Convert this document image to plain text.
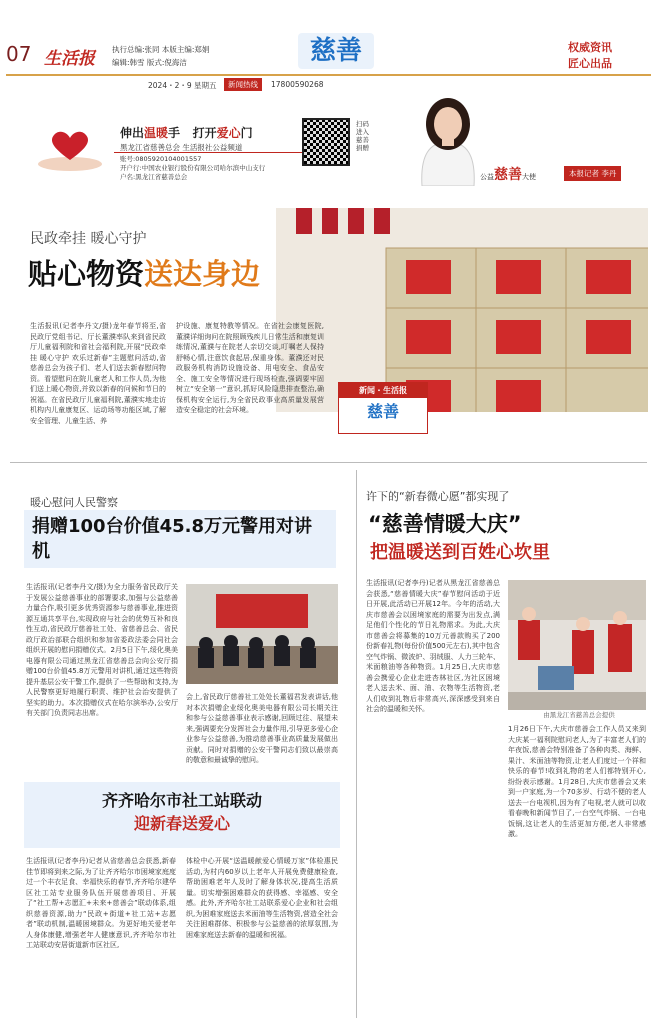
07 生活报 执行总编:张同 本版主编:郑娟
编辑:韩雪 版式:倪海洁	慈善	权威资讯
匠心出品
2024・2・9 星期五	新闻热线	17800590268
伸出温暖手 打开爱心门
黑龙江省慈善总会 生活报社公益频道
账号:0805920104001557
开户行:中国农业银行股份有限公司哈尔滨中山支行
户名:黑龙江省慈善总会
扫码进入慈善捐赠
公益慈善大使	本报记者 李丹
民政牵挂 暖心守护
贴心物资送达身边
生活报讯(记者李丹文/摄)龙年春节将至,省民政厅党组书记、厅长董濮率队来到省民政厅儿童福利院和省社会福利院,开展“民政牵挂 暖心守护 欢乐过新春”主题慰问活动,省慈善总会为孩子们、老人们送去新春慰问物资。看望慰问在院儿童老人和工作人员,为他们送上暖心物资,并致以新春的问候和节日的祝福。在省民政厅儿童福利院,董濮实地走访机构内儿童康复区、运动场等功能区域,了解安全管理、儿童生活、养
护设施、康复特教等情况。在省社会康复医院,董濮详细询问在院照顾残疾儿日常生活和康复训练情况,董濮与在院老人亲切交谈,叮嘱老人保持舒畅心情,注意饮食起居,保重身体。董濮还对民政服务机构消防设施设备、用电安全、食品安全、施工安全等情况进行现场检查,强调要牢固树立“安全第一”意识,抓好风险隐患排查整治,确保机构安全运行,为全省民政事业高质量发展营造安全稳定的社会环境。
新闻・生活报
慈善
暖心慰问人民警察
捐赠100台价值45.8万元警用对讲机
生活报讯(记者李丹文/摄)为全力服务省民政厅关于发展公益慈善事业的部署要求,加强与公益慈善力量合作,吸引更多优秀资源参与慈善事业,推进资源互通共享平台,实现政府与社会的优势互补和良性互动,省民政厅慈善社工处、省慈善总会、省民政厅政治部联合组织和参加省委政法委会同社会组织开展的慰问捐赠仪式。2月5日下午,绥化奥美电器有限公司通过黑龙江省慈善总会向公安厅捐赠100台价值45.8万元警用对讲机,通过这些物资提升基层公安干警工作,提供了一些帮助和支持,为人民警察更好地履行职责、维护社会治安提供了坚实的助力。本次捐赠仪式在哈尔滨举办,公安厅有关部门负责同志出席。
会上,省民政厅慈善社工处处长董福君发表讲话,他对本次捐赠企业绥化奥美电器有限公司长期关注和参与公益慈善事业表示感谢,回顾过往、展望未来,强调要充分发挥社会力量作用,引导更多爱心企业参与公益慈善,为推动慈善事业高质量发展做出贡献。同时对捐赠的公安干警同志们致以最崇高的敬意和最诚挚的慰问。
齐齐哈尔市社工站联动
迎新春送爱心
生活报讯(记者李丹)记者从省慈善总会获悉,新春佳节即将到来之际,为了让齐齐哈尔市困境家庭度过一个丰衣足食、幸福快乐的春节,齐齐哈尔建华区社工站专业服务队伍开展慈善项目、开展了“社工帮+志愿汇+未来+慈善会”联动体系,组织慈善资源,助力“民政+街道+社工站+志愿者”联动机制,温暖困境群众。为更好地关爱老年人身体康健,增强老年人健康意识,齐齐哈尔市社工站联动安居街道新市区社区,
体检中心开展“送温暖献爱心情暖万家”体检惠民活动,为村内60岁以上老年人开展免费健康检查,帮助困难老年人及时了解身体状况,提高生活质量。切实增强困难群众的获得感、幸福感、安全感。此外,齐齐哈尔社工站联系爱心企业和社会组织,为困难家庭送去米面油等生活物资,营造全社会关注困难群体、积极参与公益慈善的浓厚氛围,为困难家庭送去新春的温暖和祝福。
许下的“新春微心愿”都实现了
“慈善情暖大庆”
把温暖送到百姓心坎里
生活报讯(记者李丹)记者从黑龙江省慈善总会获悉,“慈善情暖大庆”春节慰问活动于近日开展,此活动已开展12年。今年的活动,大庆市慈善会以困境家庭的需要为出发点,满足他们个性化的节日礼物需求。为此,大庆市慈善会将募集的10万元善款购买了200份新春礼物(每份价值500元左右),其中包含空气炸锅、微波炉、羽绒服、人力三轮车、米面粮油等各种物资。1月25日,大庆市慈善会携爱心企业走进杏林社区,为社区困境老人送去米、面、油、衣物等生活物资,老人们收到礼物后非常高兴,深深感受到来自社会的温暖和关怀。
由黑龙江省慈善总会提供
1月26日下午,大庆市慈善会工作人员又来到大庆某一福利院慰问老人,为了丰富老人们的年夜饭,慈善会特别准备了各种肉类、海鲜、果汁、米面油等物资,让老人们度过一个祥和快乐的春节!收到礼物的老人们都特别开心,纷纷表示感谢。1月28日,大庆市慈善会又来到一户家庭,为一个70多岁、行动不便的老人送去一台电视机,因为有了电视,老人就可以收看春晚和新闻节目了,一台空气炸锅、一台电饭锅,这让老人的生活更加方便,老人非常感激。
